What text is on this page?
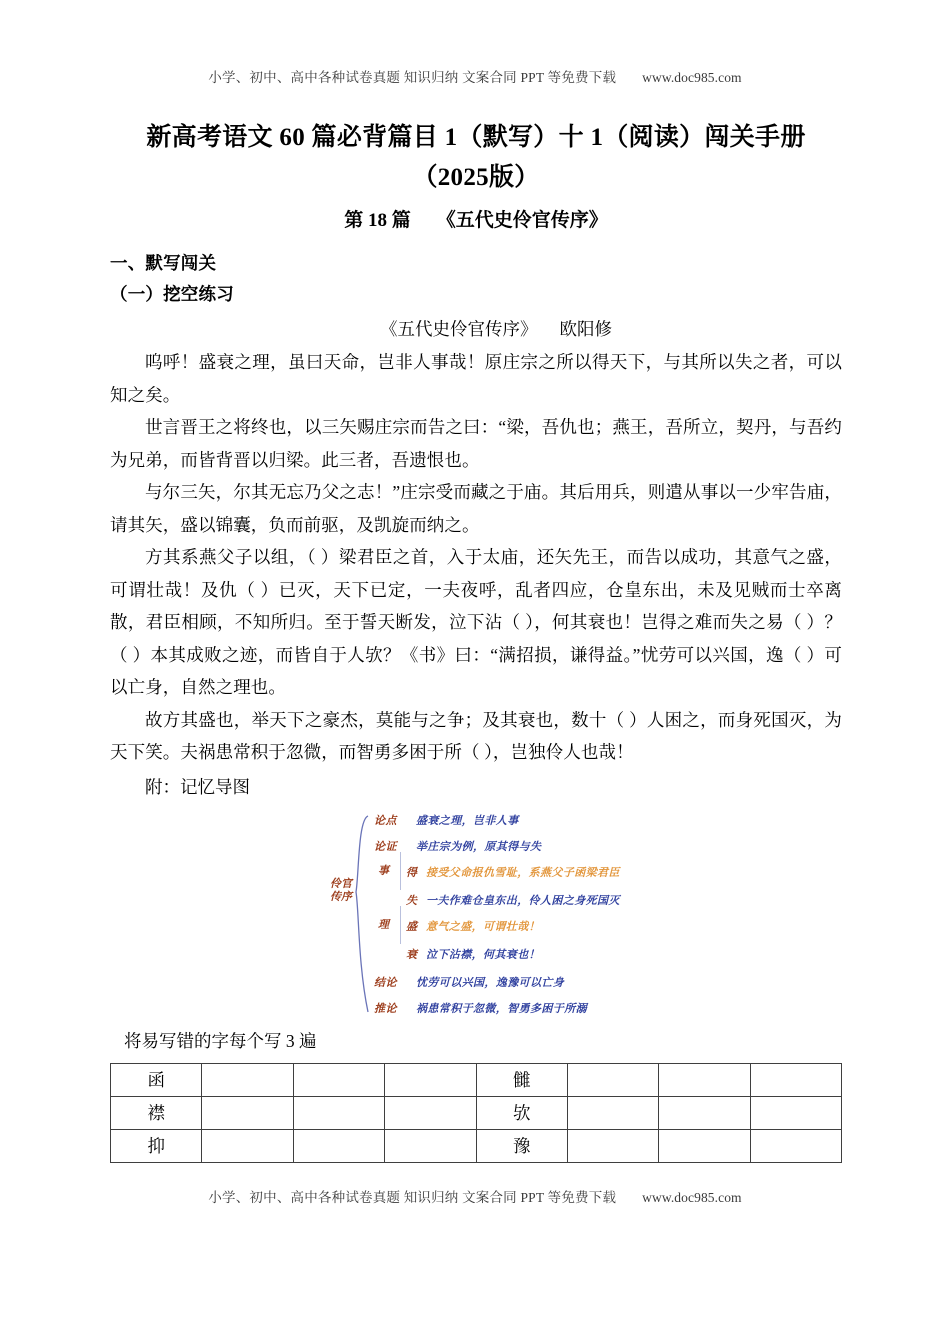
小学、初中、高中各种试卷真题 知识归纳 文案合同 PPT 等免费下载 www.doc985.com
新高考语文 60 篇必背篇目 1（默写）十 1（阅读）闯关手册（2025版）
第 18 篇 《五代史伶官传序》
一、默写闯关
（一）挖空练习
《五代史伶官传序》 欧阳修

呜呼！盛衰之理，虽曰天命，岂非人事哉！原庄宗之所以得天下，与其所以失之者，可以知之矣。

世言晋王之将终也，以三矢赐庄宗而告之曰：“梁，吾仇也；燕王，吾所立，契丹，与吾约为兄弟，而皆背晋以归梁。此三者，吾遗恨也。

与尔三矢，尔其无忘乃父之志！”庄宗受而藏之于庙。其后用兵，则遣从事以一少牢告庙，请其矢，盛以锦囊，负而前驱，及凯旋而纳之。

方其系燕父子以组，（ ）梁君臣之首，入于太庙，还矢先王，而告以成功，其意气之盛，可谓壮哉！及仇（ ）已灭，天下已定，一夫夜呼，乱者四应，仓皇东出，未及见贼而士卒离散，君臣相顾，不知所归。至于誓天断发，泣下沾（ ），何其衰也！岂得之难而失之易（ ）？（ ）本其成败之迹，而皆自于人欤？《书》曰：“满招损，谦得益。”忧劳可以兴国，逸（ ）可以亡身，自然之理也。

故方其盛也，举天下之豪杰，莫能与之争；及其衰也，数十（ ）人困之，而身死国灭，为天下笑。夫祸患常积于忽微，而智勇多困于所（ ），岂独伶人也哉！

附：记忆导图

伶官传序
事
理
论点 盛衰之理，岂非人事
论证 举庄宗为例，原其得与失
得 接受父命报仇雪耻，系燕父子函梁君臣
失 一夫作难仓皇东出，伶人困之身死国灭
盛 意气之盛，可谓壮哉！
衰 泣下沾襟，何其衰也！
结论 忧劳可以兴国，逸豫可以亡身
推论 祸患常积于忽微，智勇多困于所溺

将易写错的字每个写 3 遍

函				雠			
襟				欤			
抑				豫			
小学、初中、高中各种试卷真题 知识归纳 文案合同 PPT 等免费下载 www.doc985.com
